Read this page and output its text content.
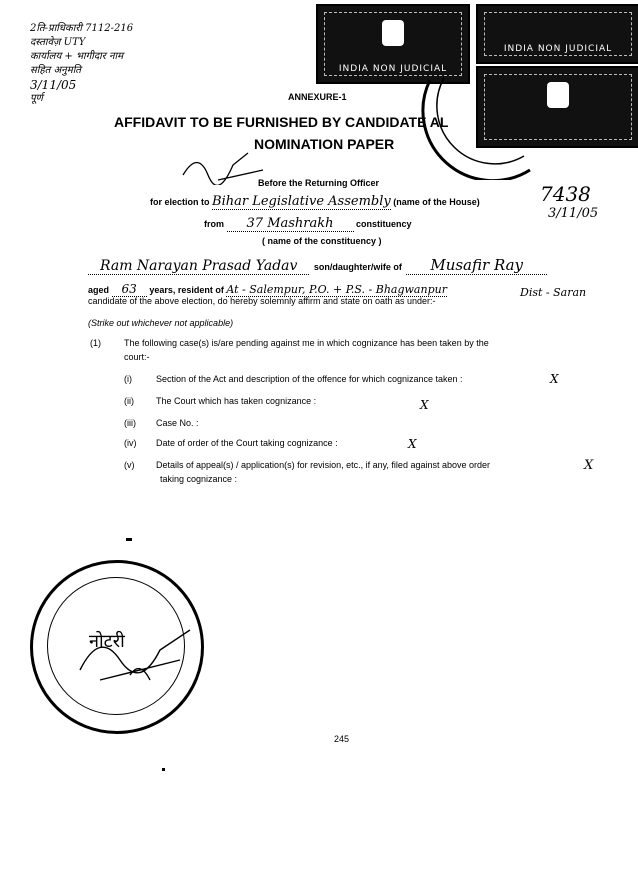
2ति-प्राधिकारी 7112-216
दस्तावेज़ UTY
कार्यालय + भागीदार नाम
सहित अनुमति
3/11/05
पूर्ण
INDIA NON JUDICIAL
INDIA NON JUDICIAL
ANNEXURE-1
AFFIDAVIT TO BE FURNISHED BY CANDIDATE AL
NOMINATION PAPER
Before the Returning Officer
for election to Bihar Legislative Assembly (name of the House)
from 37 Mashrakh	constituency
( name of the constituency )
7438
3/11/05
Ram Narayan Prasad Yadav son/daughter/wife of Musafir Ray
aged 63 years, resident of At - Salempur, P.O. + P.S. - Bhagwanpur
candidate of the above election, do hereby solemnly affirm and state on oath as under:-
Dist - Saran
(Strike out whichever not applicable)
(1)	The following case(s) is/are pending against me in which cognizance has been taken by the
court:-
(i)	Section of the Act and description of the offence for which cognizance taken :	X
(ii) The Court which has taken cognizance :	X
(iii) Case No. :
(iv) Date of order of the Court taking cognizance :	X
(v) Details of appeal(s) / application(s) for revision, etc., if any, filed against above order	X
taking cognizance :
नोटरी
245
